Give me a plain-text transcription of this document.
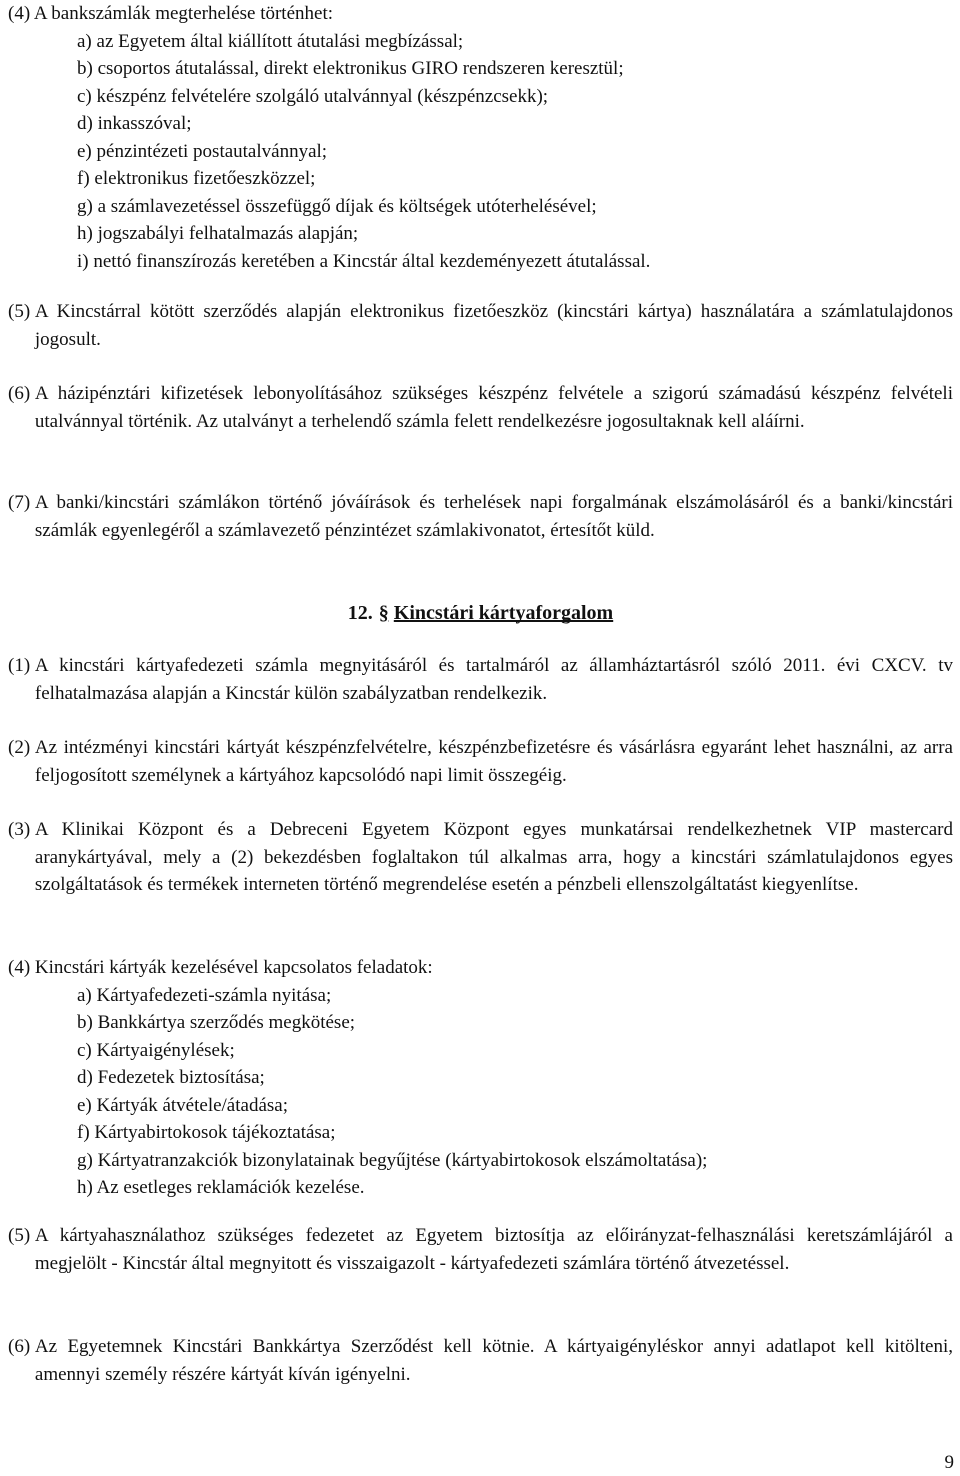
(4) A bankszámlák megterhelése történhet:
a) az Egyetem által kiállított átutalási megbízással;
b) csoportos átutalással, direkt elektronikus GIRO rendszeren keresztül;
c) készpénz felvételére szolgáló utalvánnyal (készpénzcsekk);
d) inkasszóval;
e) pénzintézeti postautalvánnyal;
f) elektronikus fizetőeszközzel;
g) a számlavezetéssel összefüggő díjak és költségek utóterhelésével;
h) jogszabályi felhatalmazás alapján;
i) nettó finanszírozás keretében a Kincstár által kezdeményezett átutalással.
(5)
A Kincstárral kötött szerződés alapján elektronikus fizetőeszköz (kincstári kártya) használatára a számlatulajdonos jogosult.
(6)
A házipénztári kifizetések lebonyolításához szükséges készpénz felvétele a szigorú számadású készpénz felvételi utalvánnyal történik. Az utalványt a terhelendő számla felett rendelkezésre jogosultaknak kell aláírni.
(7)
A banki/kincstári számlákon történő jóváírások és terhelések napi forgalmának elszámolásáról és a banki/kincstári számlák egyenlegéről a számlavezető pénzintézet számlakivonatot, értesítőt küld.
12. § Kincstári kártyaforgalom
(1)
A kincstári kártyafedezeti számla megnyitásáról és tartalmáról az államháztartásról szóló 2011. évi CXCV. tv felhatalmazása alapján a Kincstár külön szabályzatban rendelkezik.
(2)
Az intézményi kincstári kártyát készpénzfelvételre, készpénzbefizetésre és vásárlásra egyaránt lehet használni, az arra feljogosított személynek a kártyához kapcsolódó napi limit összegéig.
(3)
A Klinikai Központ és a Debreceni Egyetem Központ egyes munkatársai rendelkezhetnek VIP mastercard aranykártyával, mely a (2) bekezdésben foglaltakon túl alkalmas arra, hogy a kincstári számlatulajdonos egyes szolgáltatások és termékek interneten történő megrendelése esetén a pénzbeli ellenszolgáltatást kiegyenlítse.
(4) Kincstári kártyák kezelésével kapcsolatos feladatok:
a) Kártyafedezeti-számla nyitása;
b) Bankkártya szerződés megkötése;
c) Kártyaigénylések;
d) Fedezetek biztosítása;
e) Kártyák átvétele/átadása;
f) Kártyabirtokosok tájékoztatása;
g) Kártyatranzakciók bizonylatainak begyűjtése (kártyabirtokosok elszámoltatása);
h) Az esetleges reklamációk kezelése.
(5)
A kártyahasználathoz szükséges fedezetet az Egyetem biztosítja az előirányzat-felhasználási keretszámlájáról a megjelölt - Kincstár által megnyitott és visszaigazolt - kártyafedezeti számlára történő átvezetéssel.
(6)
Az Egyetemnek Kincstári Bankkártya Szerződést kell kötnie. A kártyaigényléskor annyi adatlapot kell kitölteni, amennyi személy részére kártyát kíván igényelni.
9
